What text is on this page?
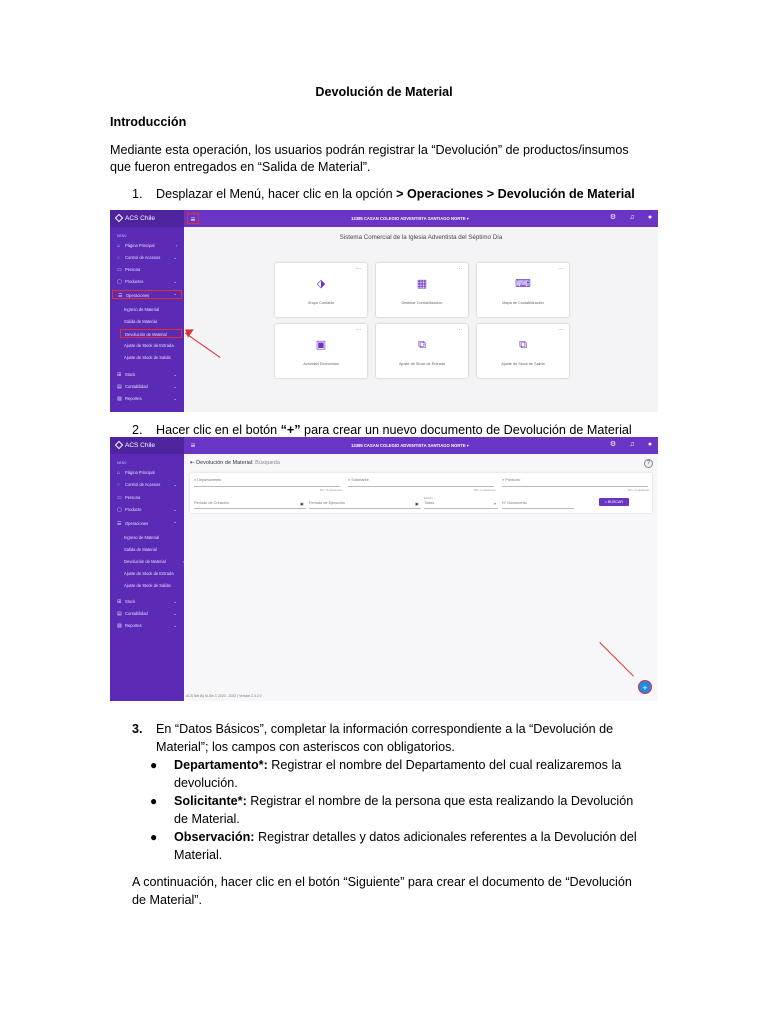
Devolución de Material
Introducción
Mediante esta operación, los usuarios podrán registrar la “Devolución” de productos/insumos
que fueron entregados en “Salida de Material”.
1. Desplazar el Menú, hacer clic en la opción > Operaciones > Devolución de Material
ACS Chile
MENÚ
⌂ Página Principal	›
◌ Control de Accesos	⌄
▭ Persona
▢ Productos	⌄
☰ Operaciones	⌃
Ingreso de Material
Salida de Material
Devolución de Material
Ajuste de Stock de Entrada
Ajuste de Stock de Salida
⊞ Stock	⌄
▤ Contabilidad	⌄
▨ Reportes	⌄
≡	13385 CASAN COLEGIO ADVENTISTA SANTIAGO NORTE ▾	⚙	♫	●
Sistema Comercial de la Iglesia Adventista del Séptimo Día
···
⬗
Grupo Contable
···
▦
Destinar Contabilización
···
⌨
Mapa de Contabilización
···
▣
Actividad Económica
···
⧉
Ajuste de Stock de Entrada
···
⧉
Ajuste de Stock de Salida
2. Hacer clic en el botón “+” para crear un nuevo documento de Devolución de Material
ACS Chile
MENÚ
⌂ Página Principal
◌ Control de Accesos	⌄
▭ Persona
▢ Producto	⌄
☰ Operaciones	⌃
Ingreso de Material
Salida de Material
Devolución de Material	›
Ajuste de Stock de Entrada
Ajuste de Stock de Salida
⊞ Stock	⌄
▤ Contabilidad	⌄
▨ Reportes	⌄
≡	13385 CASAN COLEGIO ADVENTISTA SANTIAGO NORTE ▾	⚙	♫	●
⇤ Devolución de Material: Búsqueda	?
⌕ Departamento
Mín. 3 caracteres
⌕ Solicitante
Mín. 3 caracteres
⌕ Producto
Mín. 3 caracteres
Período de Creación	▣ Período de Ejecución	▣
Estado
Todos	▾ N° Documento	⌕ BUSCAR
+
ACS Net By M-Sis © 2020 - 2022 | Versión 2.3.2.0
3. En “Datos Básicos”, completar la información correspondiente a la “Devolución de
Material”; los campos con asteriscos con obligatorios.
● Departamento*: Registrar el nombre del Departamento del cual realizaremos la
devolución.
● Solicitante*: Registrar el nombre de la persona que esta realizando la Devolución
de Material.
● Observación: Registrar detalles y datos adicionales referentes a la Devolución del
Material.
A continuación, hacer clic en el botón “Siguiente” para crear el documento de “Devolución
de Material”.
